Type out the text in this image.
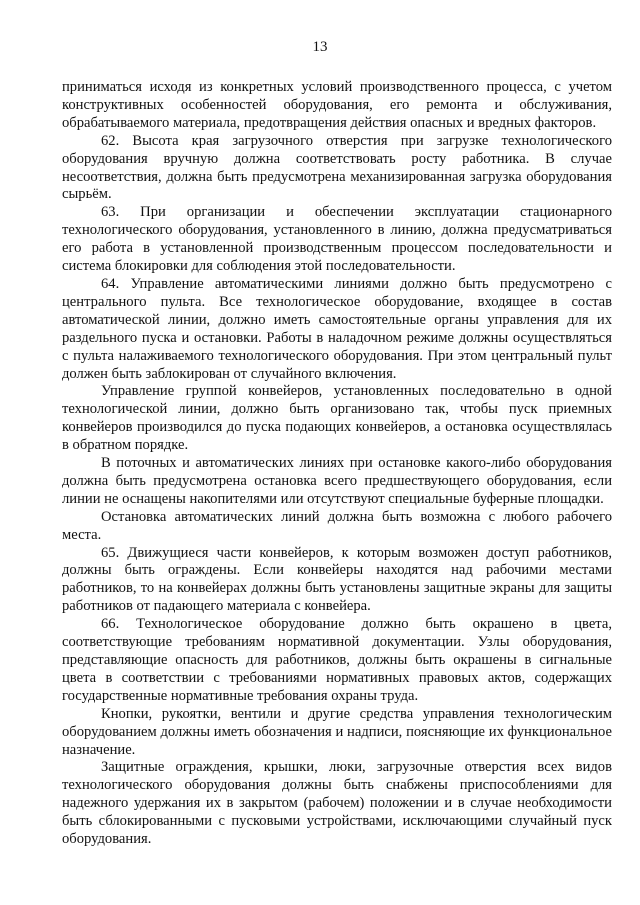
13

приниматься исходя из конкретных условий производственного процесса, с учетом конструктивных особенностей оборудования, его ремонта и обслуживания, обрабатываемого материала, предотвращения действия опасных и вредных факторов.

62. Высота края загрузочного отверстия при загрузке технологического оборудования вручную должна соответствовать росту работника. В случае несоответствия, должна быть предусмотрена механизированная загрузка оборудования сырьём.

63. При организации и обеспечении эксплуатации стационарного технологического оборудования, установленного в линию, должна предусматриваться его работа в установленной производственным процессом последовательности и система блокировки для соблюдения этой последовательности.

64. Управление автоматическими линиями должно быть предусмотрено с центрального пульта. Все технологическое оборудование, входящее в состав автоматической линии, должно иметь самостоятельные органы управления для их раздельного пуска и остановки. Работы в наладочном режиме должны осуществляться с пульта налаживаемого технологического оборудования. При этом центральный пульт должен быть заблокирован от случайного включения.

Управление группой конвейеров, установленных последовательно в одной технологической линии, должно быть организовано так, чтобы пуск приемных конвейеров производился до пуска подающих конвейеров, а остановка осуществлялась в обратном порядке.

В поточных и автоматических линиях при остановке какого-либо оборудования должна быть предусмотрена остановка всего предшествующего оборудования, если линии не оснащены накопителями или отсутствуют специальные буферные площадки.

Остановка автоматических линий должна быть возможна с любого рабочего места.

65. Движущиеся части конвейеров, к которым возможен доступ работников, должны быть ограждены. Если конвейеры находятся над рабочими местами работников, то на конвейерах должны быть установлены защитные экраны для защиты работников от падающего материала с конвейера.

66. Технологическое оборудование должно быть окрашено в цвета, соответствующие требованиям нормативной документации. Узлы оборудования, представляющие опасность для работников, должны быть окрашены в сигнальные цвета в соответствии с требованиями нормативных правовых актов, содержащих государственные нормативные требования охраны труда.

Кнопки, рукоятки, вентили и другие средства управления технологическим оборудованием должны иметь обозначения и надписи, поясняющие их функциональное назначение.

Защитные ограждения, крышки, люки, загрузочные отверстия всех видов технологического оборудования должны быть снабжены приспособлениями для надежного удержания их в закрытом (рабочем) положении и в случае необходимости быть сблокированными с пусковыми устройствами, исключающими случайный пуск оборудования.
